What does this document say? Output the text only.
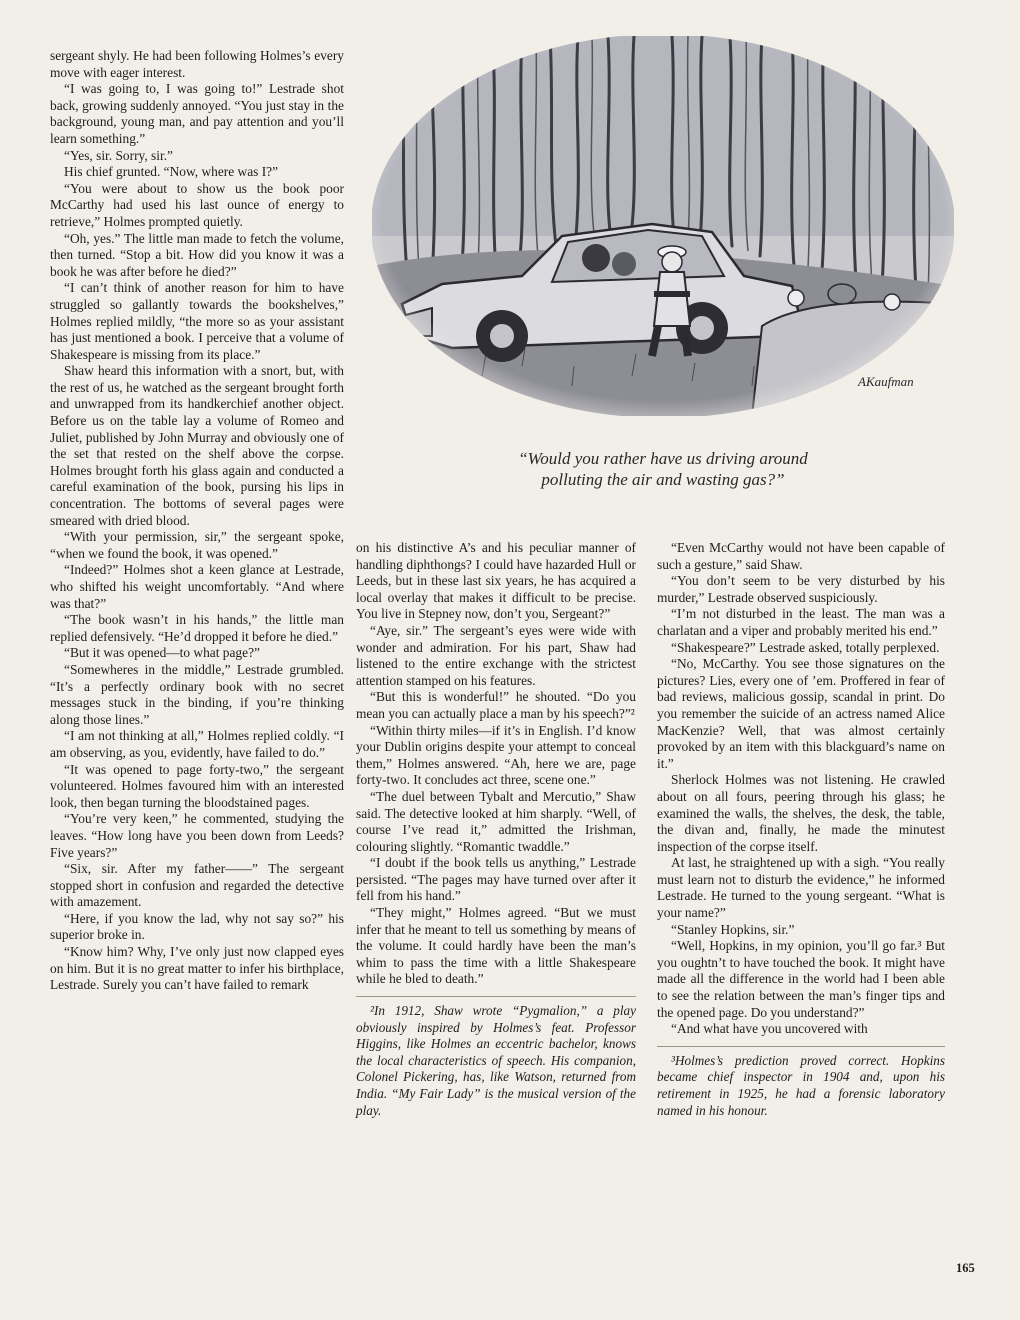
AKaufman
“Would you rather have us driving around
polluting the air and wasting gas?”

sergeant shyly. He had been following Holmes’s every move with eager interest.

“I was going to, I was going to!” Lestrade shot back, growing suddenly annoyed. “You just stay in the background, young man, and pay attention and you’ll learn something.”

“Yes, sir. Sorry, sir.”

His chief grunted. “Now, where was I?”

“You were about to show us the book poor McCarthy had used his last ounce of energy to retrieve,” Holmes prompted quietly.

“Oh, yes.” The little man made to fetch the volume, then turned. “Stop a bit. How did you know it was a book he was after before he died?”

“I can’t think of another reason for him to have struggled so gallantly towards the bookshelves,” Holmes replied mildly, “the more so as your assistant has just mentioned a book. I perceive that a volume of Shakespeare is missing from its place.”

Shaw heard this information with a snort, but, with the rest of us, he watched as the sergeant brought forth and unwrapped from its handkerchief another object. Before us on the table lay a volume of Romeo and Juliet, published by John Murray and obviously one of the set that rested on the shelf above the corpse. Holmes brought forth his glass again and conducted a careful examination of the book, pursing his lips in concentration. The bottoms of several pages were smeared with dried blood.

“With your permission, sir,” the sergeant spoke, “when we found the book, it was opened.”

“Indeed?” Holmes shot a keen glance at Lestrade, who shifted his weight uncomfortably. “And where was that?”

“The book wasn’t in his hands,” the little man replied defensively. “He’d dropped it before he died.”

“But it was opened—to what page?”

“Somewheres in the middle,” Lestrade grumbled. “It’s a perfectly ordinary book with no secret messages stuck in the binding, if you’re thinking along those lines.”

“I am not thinking at all,” Holmes replied coldly. “I am observing, as you, evidently, have failed to do.”

“It was opened to page forty-two,” the sergeant volunteered. Holmes favoured him with an interested look, then began turning the bloodstained pages.

“You’re very keen,” he commented, studying the leaves. “How long have you been down from Leeds? Five years?”

“Six, sir. After my father——” The sergeant stopped short in confusion and regarded the detective with amazement.

“Here, if you know the lad, why not say so?” his superior broke in.

“Know him? Why, I’ve only just now clapped eyes on him. But it is no great matter to infer his birthplace, Lestrade. Surely you can’t have failed to remark

on his distinctive A’s and his peculiar manner of handling diphthongs? I could have hazarded Hull or Leeds, but in these last six years, he has acquired a local overlay that makes it difficult to be precise. You live in Stepney now, don’t you, Sergeant?”

“Aye, sir.” The sergeant’s eyes were wide with wonder and admiration. For his part, Shaw had listened to the entire exchange with the strictest attention stamped on his features.

“But this is wonderful!” he shouted. “Do you mean you can actually place a man by his speech?”²

“Within thirty miles—if it’s in English. I’d know your Dublin origins despite your attempt to conceal them,” Holmes answered. “Ah, here we are, page forty-two. It concludes act three, scene one.”

“The duel between Tybalt and Mercutio,” Shaw said. The detective looked at him sharply. “Well, of course I’ve read it,” admitted the Irishman, colouring slightly. “Romantic twaddle.”

“I doubt if the book tells us anything,” Lestrade persisted. “The pages may have turned over after it fell from his hand.”

“They might,” Holmes agreed. “But we must infer that he meant to tell us something by means of the volume. It could hardly have been the man’s whim to pass the time with a little Shakespeare while he bled to death.”

²In 1912, Shaw wrote “Pygmalion,” a play obviously inspired by Holmes’s feat. Professor Higgins, like Holmes an eccentric bachelor, knows the local characteristics of speech. His companion, Colonel Pickering, has, like Watson, returned from India. “My Fair Lady” is the musical version of the play.

“Even McCarthy would not have been capable of such a gesture,” said Shaw.

“You don’t seem to be very disturbed by his murder,” Lestrade observed suspiciously.

“I’m not disturbed in the least. The man was a charlatan and a viper and probably merited his end.”

“Shakespeare?” Lestrade asked, totally perplexed.

“No, McCarthy. You see those signatures on the pictures? Lies, every one of ’em. Proffered in fear of bad reviews, malicious gossip, scandal in print. Do you remember the suicide of an actress named Alice MacKenzie? Well, that was almost certainly provoked by an item with this blackguard’s name on it.”

Sherlock Holmes was not listening. He crawled about on all fours, peering through his glass; he examined the walls, the shelves, the desk, the table, the divan and, finally, he made the minutest inspection of the corpse itself.

At last, he straightened up with a sigh. “You really must learn not to disturb the evidence,” he informed Lestrade. He turned to the young sergeant. “What is your name?”

“Stanley Hopkins, sir.”

“Well, Hopkins, in my opinion, you’ll go far.³ But you oughtn’t to have touched the book. It might have made all the difference in the world had I been able to see the relation between the man’s finger tips and the opened page. Do you understand?”

“And what have you uncovered with

³Holmes’s prediction proved correct. Hopkins became chief inspector in 1904 and, upon his retirement in 1925, he had a forensic laboratory named in his honour.

165
